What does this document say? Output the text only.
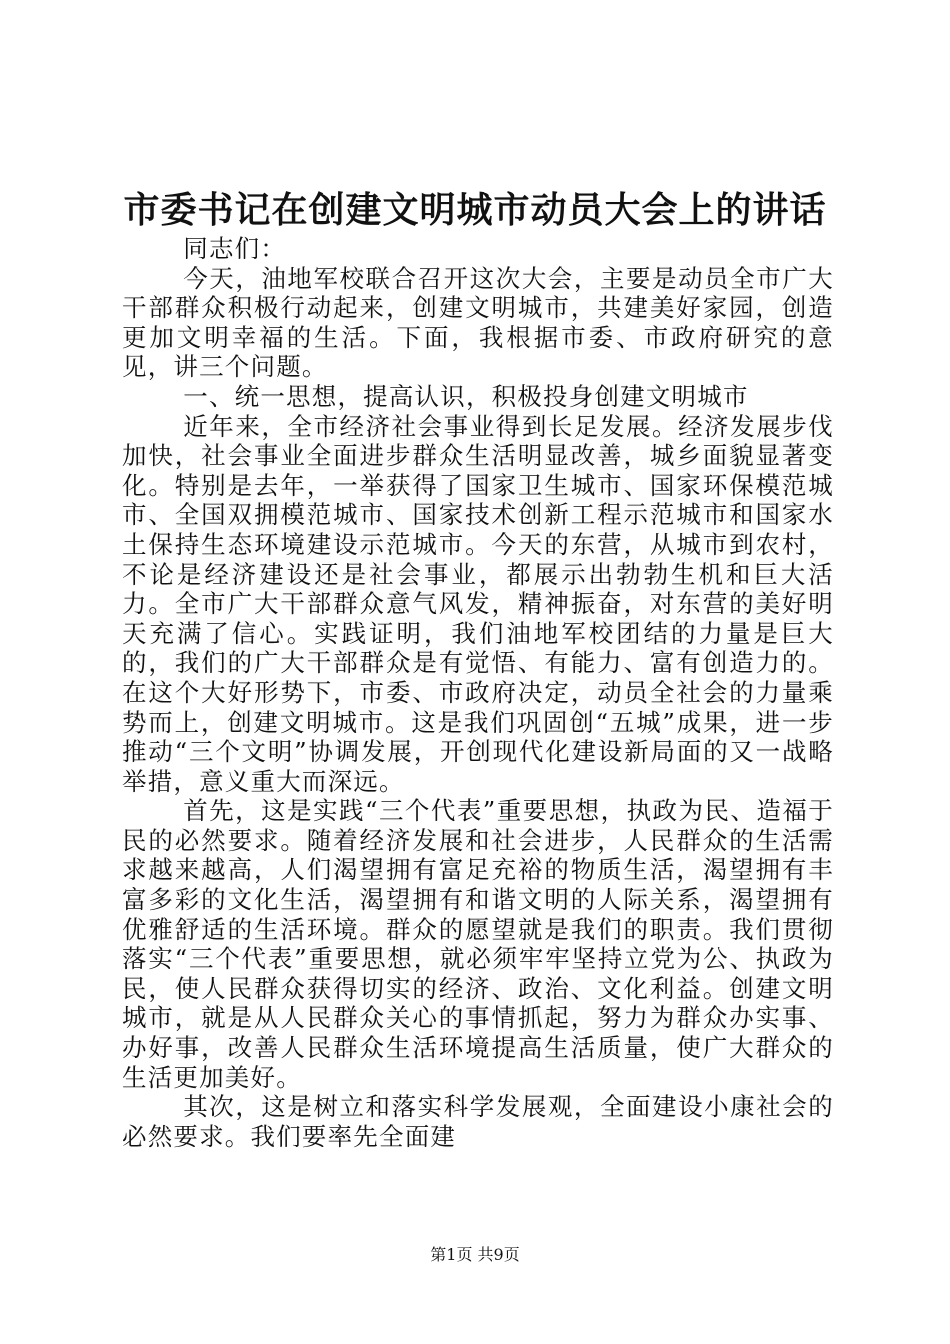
市委书记在创建文明城市动员大会上的讲话

同志们：

今天，油地军校联合召开这次大会，主要是动员全市广大干部群众积极行动起来，创建文明城市，共建美好家园，创造更加文明幸福的生活。下面，我根据市委、市政府研究的意见，讲三个问题。

一、统一思想，提高认识，积极投身创建文明城市

近年来，全市经济社会事业得到长足发展。经济发展步伐加快，社会事业全面进步群众生活明显改善，城乡面貌显著变化。特别是去年，一举获得了国家卫生城市、国家环保模范城市、全国双拥模范城市、国家技术创新工程示范城市和国家水土保持生态环境建设示范城市。今天的东营，从城市到农村，不论是经济建设还是社会事业，都展示出勃勃生机和巨大活力。全市广大干部群众意气风发，精神振奋，对东营的美好明天充满了信心。实践证明，我们油地军校团结的力量是巨大的，我们的广大干部群众是有觉悟、有能力、富有创造力的。在这个大好形势下，市委、市政府决定，动员全社会的力量乘势而上，创建文明城市。这是我们巩固创“五城”成果，进一步推动“三个文明”协调发展，开创现代化建设新局面的又一战略举措，意义重大而深远。

首先，这是实践“三个代表”重要思想，执政为民、造福于民的必然要求。随着经济发展和社会进步，人民群众的生活需求越来越高，人们渴望拥有富足充裕的物质生活，渴望拥有丰富多彩的文化生活，渴望拥有和谐文明的人际关系，渴望拥有优雅舒适的生活环境。群众的愿望就是我们的职责。我们贯彻落实“三个代表”重要思想，就必须牢牢坚持立党为公、执政为民，使人民群众获得切实的经济、政治、文化利益。创建文明城市，就是从人民群众关心的事情抓起，努力为群众办实事、办好事，改善人民群众生活环境提高生活质量，使广大群众的生活更加美好。

其次，这是树立和落实科学发展观，全面建设小康社会的必然要求。我们要率先全面建

第1页 共9页
